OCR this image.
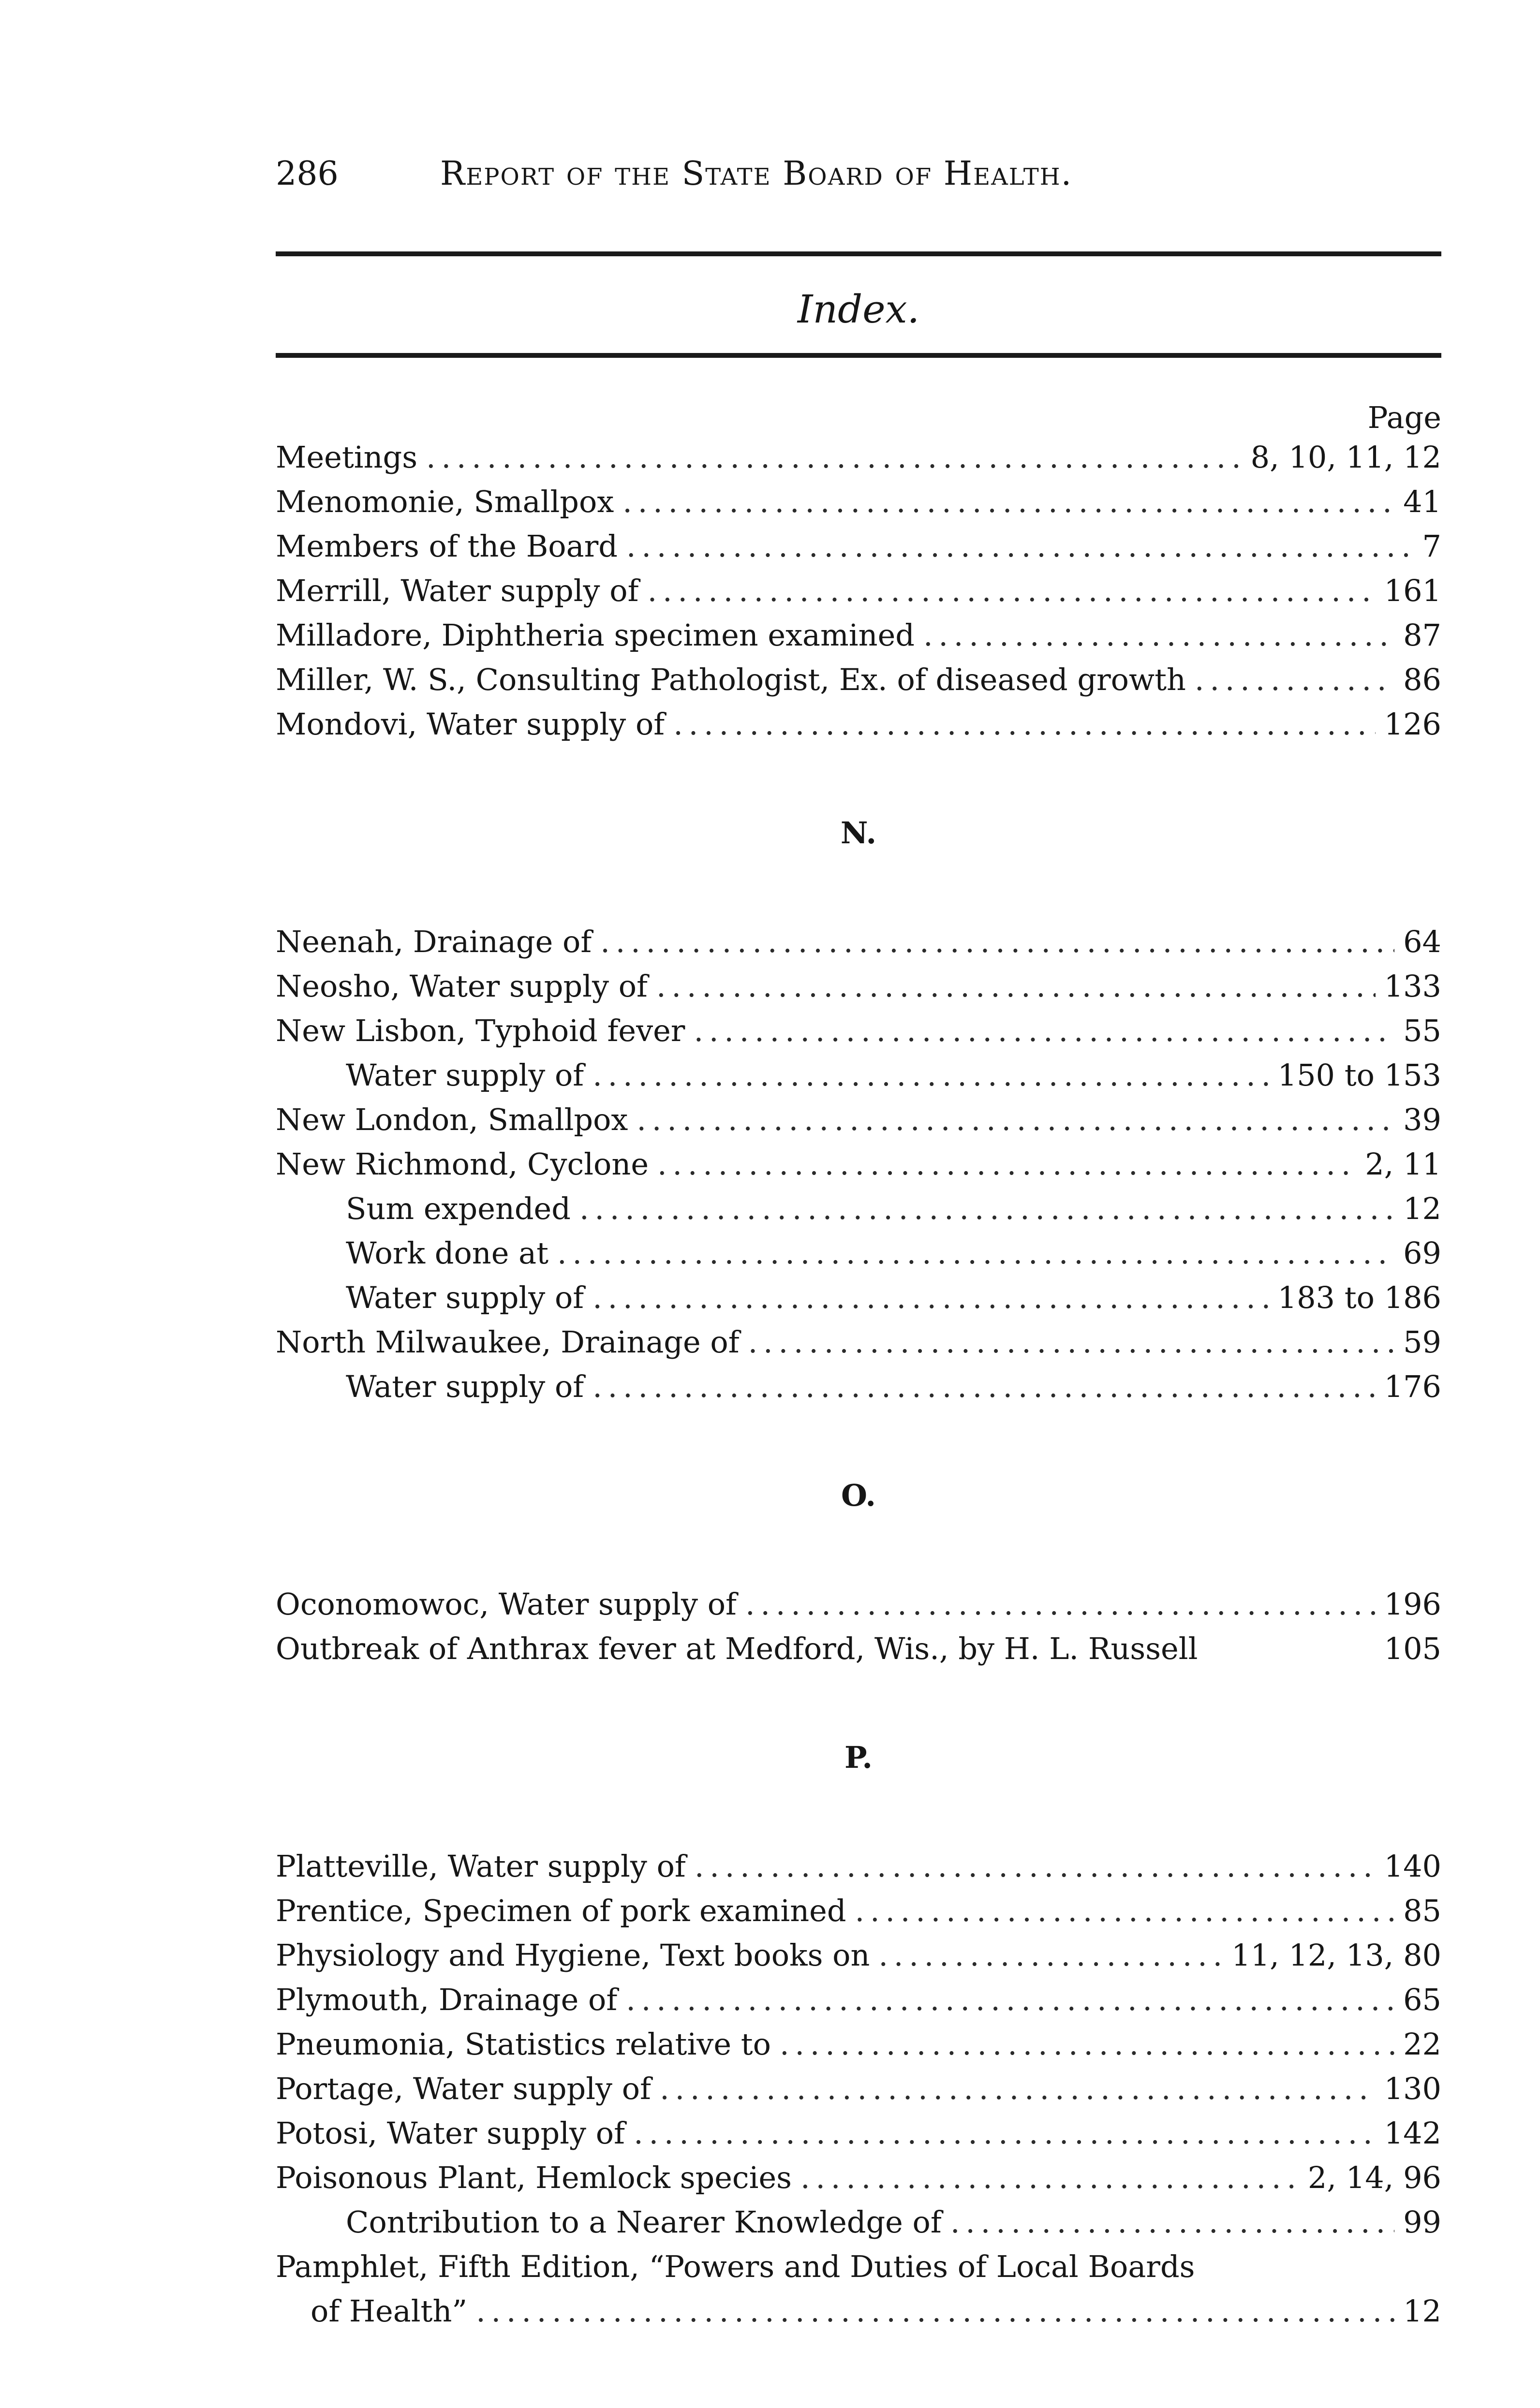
286	Report of the State Board of Health.
Index.
Page
Meetings . . .	8, 10, 11, 12
Menomonie, Smallpox . . .	41
Members of the Board . . .	7
Merrill, Water supply of . . .	161
Milladore, Diphtheria specimen examined . . .	87
Miller, W. S., Consulting Pathologist, Ex. of diseased growth . . .	86
Mondovi, Water supply of . . .	126
N.
Neenah, Drainage of . . .	64
Neosho, Water supply of . . .	133
New Lisbon, Typhoid fever . . .	55
Water supply of . . .	150 to 153
New London, Smallpox . . .	39
New Richmond, Cyclone . . .	2, 11
Sum expended . . .	12
Work done at . . .	69
Water supply of . . .	183 to 186
North Milwaukee, Drainage of . . .	59
Water supply of . . .	176
O.
Oconomowoc, Water supply of . . .	196
Outbreak of Anthrax fever at Medford, Wis., by H. L. Russell	105
P.
Platteville, Water supply of . . .	140
Prentice, Specimen of pork examined . . .	85
Physiology and Hygiene, Text books on . . .	11, 12, 13, 80
Plymouth, Drainage of . . .	65
Pneumonia, Statistics relative to . . .	22
Portage, Water supply of . . .	130
Potosi, Water supply of . . .	142
Poisonous Plant, Hemlock species . . .	2, 14, 96
Contribution to a Nearer Knowledge of . . .	99
Pamphlet, Fifth Edition, “Powers and Duties of Local Boards
of Health” . . .	12
